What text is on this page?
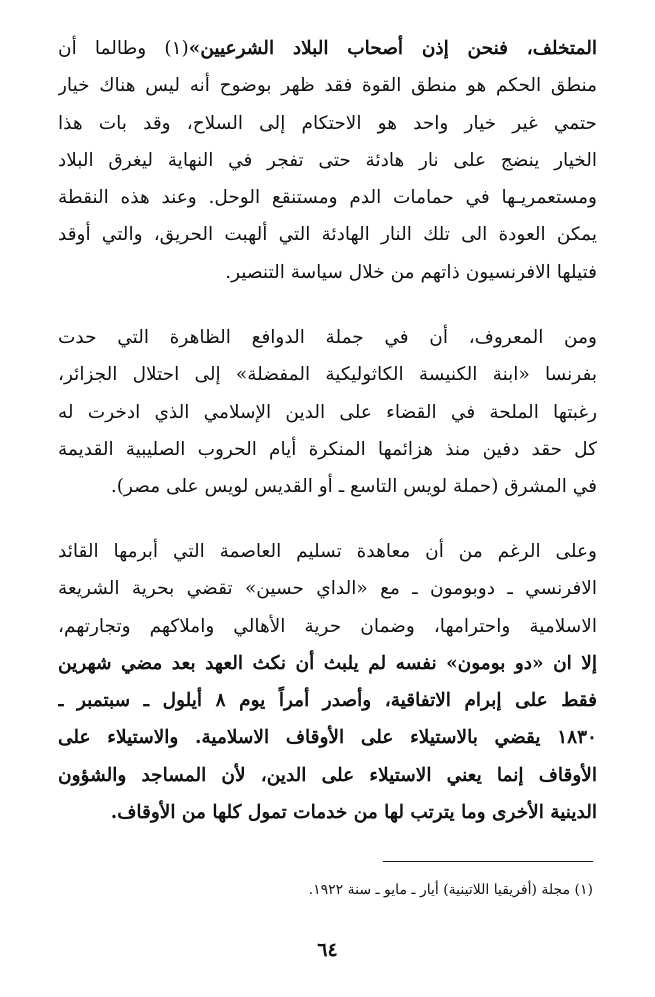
المتخلف، فنحن إذن أصحاب البلاد الشرعيين»(١) وطالما أن
منطق الحكم هو منطق القوة فقد ظهر بوضوح أنه ليس هناك خيار
حتمي غير خيار واحد هو الاحتكام إلى السلاح، وقد بات هذا
الخيار ينضج على نار هادئة حتى تفجر في النهاية ليغرق البلاد
ومستعمريـها في حمامات الدم ومستنقع الوحل. وعند هذه النقطة
يمكن العودة الى تلك النار الهادئة التي ألهبت الحريق، والتي أوقد
فتيلها الافرنسيون ذاتهم من خلال سياسة التنصير.
ومن المعروف، أن في جملة الدوافع الظاهرة التي حدت
بفرنسا «ابنة الكنيسة الكاثوليكية المفضلة» إلى احتلال الجزائر،
رغبتها الملحة في القضاء على الدين الإسلامي الذي ادخرت له
كل حقد دفين منذ هزائمها المنكرة أيام الحروب الصليبية القديمة
في المشرق (حملة لويس التاسع ـ أو القديس لويس على مصر).
وعلى الرغم من أن معاهدة تسليم العاصمة التي أبرمها القائد
الافرنسي ـ دوبومون ـ مع «الداي حسين» تقضي بحرية الشريعة
الاسلامية واحترامها، وضمان حرية الأهالي واملاكهم وتجارتهم،
إلا ان «دو بومون» نفسه لم يلبث أن نكث العهد بعد مضي شهرين
فقط على إبرام الاتفاقية، وأصدر أمراً يوم ٨ أيلول ـ سبتمبر ـ
١٨٣٠ يقضي بالاستيلاء على الأوقاف الاسلامية. والاستيلاء على
الأوقاف إنما يعني الاستيلاء على الدين، لأن المساجد والشؤون
الدينية الأخرى وما يترتب لها من خدمات تمول كلها من الأوقاف.
(١) مجلة (أفريقيا اللاتينية) أيار ـ مايو ـ سنة ١٩٢٢.
٦٤
